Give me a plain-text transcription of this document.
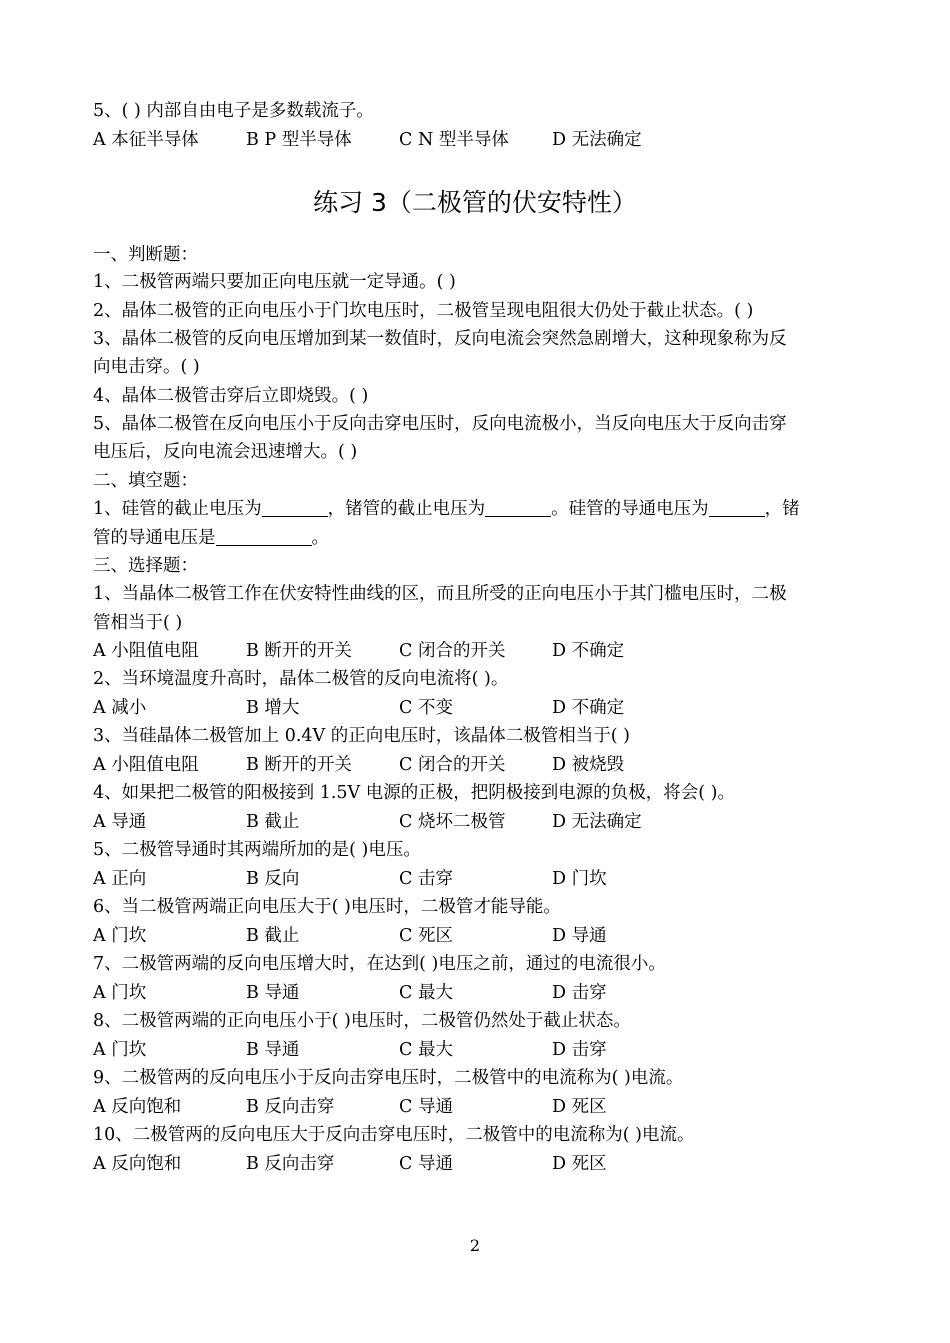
5、( ) 内部自由电子是多数载流子。
A 本征半导体	B P 型半导体	C N 型半导体 D 无法确定
练习 3（二极管的伏安特性）
一、判断题：
1、二极管两端只要加正向电压就一定导通。( )
2、晶体二极管的正向电压小于门坎电压时，二极管呈现电阻很大仍处于截止状态。( )
3、晶体二极管的反向电压增加到某一数值时，反向电流会突然急剧增大，这种现象称为反
向电击穿。( )
4、晶体二极管击穿后立即烧毁。( )
5、晶体二极管在反向电压小于反向击穿电压时，反向电流极小，当反向电压大于反向击穿
电压后，反向电流会迅速增大。( )
二、填空题：
1、硅管的截止电压为	，锗管的截止电压为	。硅管的导通电压为	，锗
管的导通电压是	。
三、选择题：
1、当晶体二极管工作在伏安特性曲线的区，而且所受的正向电压小于其门槛电压时，二极
管相当于( )
A 小阻值电阻	B 断开的开关	C 闭合的开关	D 不确定
2、当环境温度升高时，晶体二极管的反向电流将( )。
A 减小	B 增大	C 不变	D 不确定
3、当硅晶体二极管加上 0.4V 的正向电压时，该晶体二极管相当于( )
A 小阻值电阻	B 断开的开关	C 闭合的开关	D 被烧毁
4、如果把二极管的阳极接到 1.5V 电源的正极，把阴极接到电源的负极，将会( )。
A 导通	B 截止	C 烧坏二极管	D 无法确定
5、二极管导通时其两端所加的是( )电压。
A 正向	B 反向	C 击穿	D 门坎
6、当二极管两端正向电压大于( )电压时，二极管才能导能。
A 门坎	B 截止	C 死区	D 导通
7、二极管两端的反向电压增大时，在达到( )电压之前，通过的电流很小。
A 门坎	B 导通	C 最大	D 击穿
8、二极管两端的正向电压小于( )电压时，二极管仍然处于截止状态。
A 门坎	B 导通	C 最大	D 击穿
9、二极管两的反向电压小于反向击穿电压时，二极管中的电流称为( )电流。
A 反向饱和	B 反向击穿	C 导通	D 死区
10、二极管两的反向电压大于反向击穿电压时，二极管中的电流称为( )电流。
A 反向饱和	B 反向击穿	C 导通	D 死区
2
